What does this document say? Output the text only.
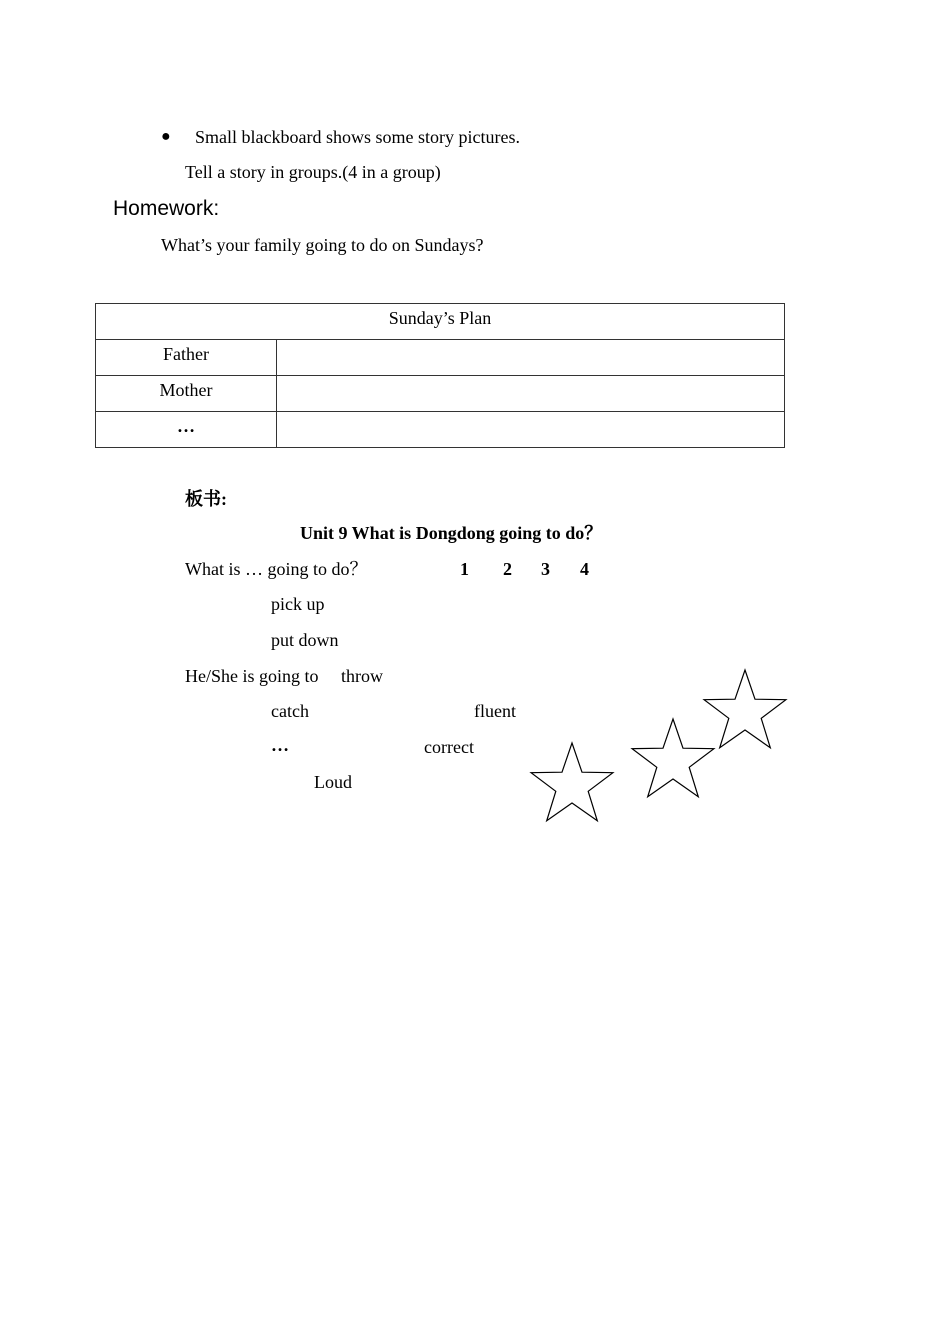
● Small blackboard shows some story pictures.
Tell a story in groups.(4 in a group)
Homework:
What’s your family going to do on Sundays?
Sunday’s Plan	
Father	
Mother	
…	
板书:
Unit 9 What is Dongdong going to do？
What is … going to do？	1 2 3 4
pick up
put down
He/She is going to throw
catch	fluent
…	correct
Loud
